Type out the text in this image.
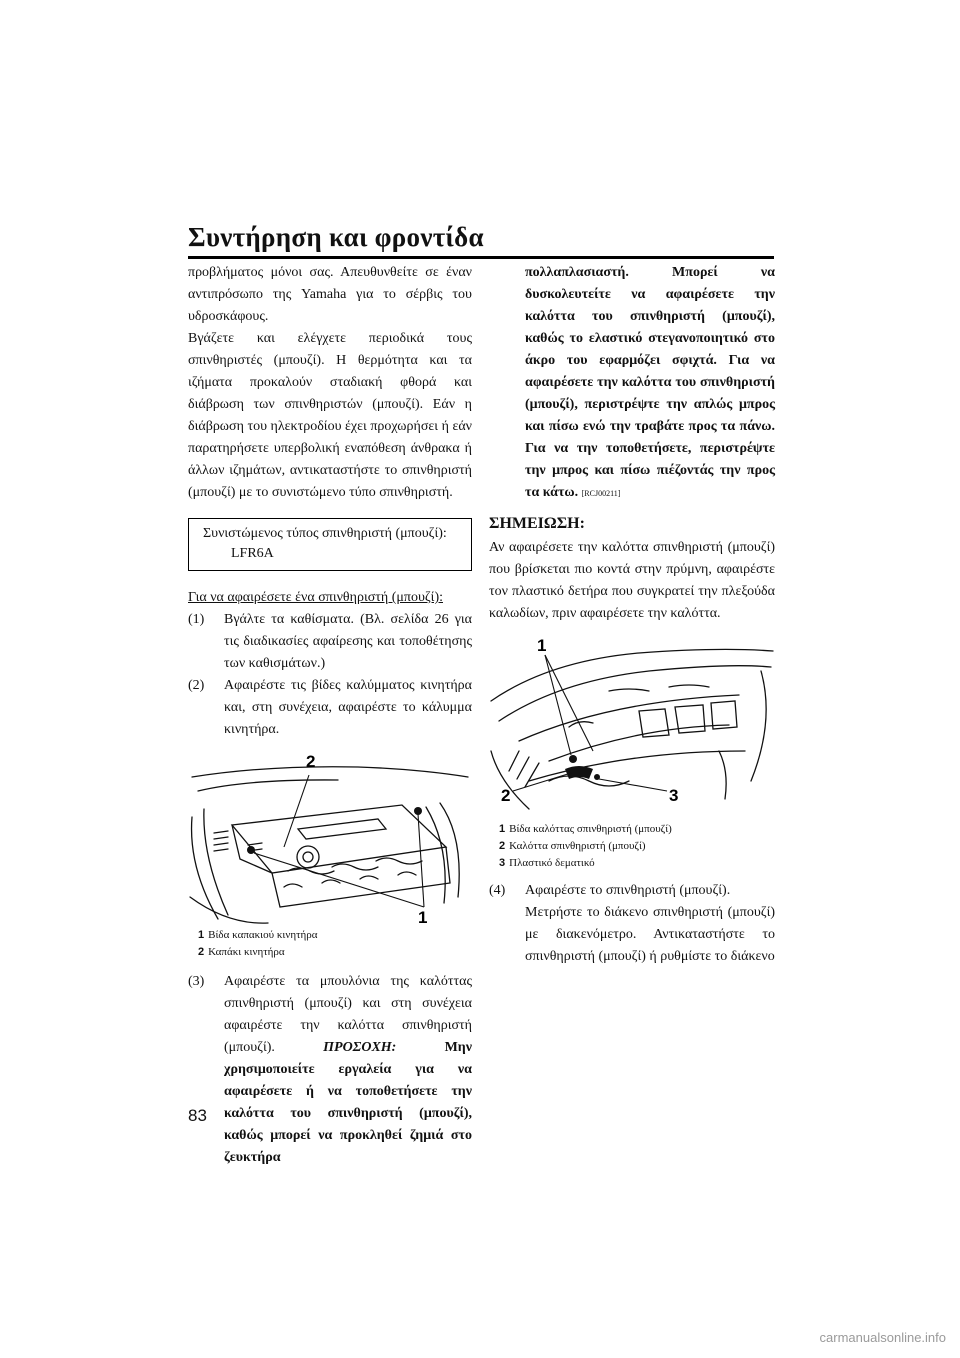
Συντήρηση και φροντίδα

προβλήματος μόνοι σας. Απευθυνθείτε σε έναν αντιπρόσωπο της Yamaha για το σέρβις του υδροσκάφους.

Βγάζετε και ελέγχετε περιοδικά τους σπινθηριστές (μπουζί). Η θερμότητα και τα ιζήματα προκαλούν σταδιακή φθορά και διάβρωση των σπινθηριστών (μπουζί). Εάν η διάβρωση του ηλεκτροδίου έχει προχωρήσει ή εάν παρατηρήσετε υπερβολική εναπόθεση άνθρακα ή άλλων ιζημάτων, αντικαταστήστε το σπινθηριστή (μπουζί) με το συνιστώμενο τύπο σπινθηριστή.

Συνιστώμενος τύπος σπινθηριστή (μπουζί):
LFR6A

Για να αφαιρέσετε ένα σπινθηριστή (μπουζί):

(1)	Βγάλτε τα καθίσματα. (Βλ. σελίδα 26 για τις διαδικασίες αφαίρεσης και τοποθέτησης των καθισμάτων.)
(2)	Αφαιρέστε τις βίδες καλύμματος κινητήρα και, στη συνέχεια, αφαιρέστε το κάλυμμα κινητήρα.
2
1

1 Βίδα καπακιού κινητήρα

2 Καπάκι κινητήρα

(3)	Αφαιρέστε τα μπουλόνια της καλόττας σπινθηριστή (μπουζί) και στη συνέχεια αφαιρέστε την καλόττα σπινθηριστή (μπουζί). ΠΡΟΣΟΧΗ: Μην χρησιμοποιείτε εργαλεία για να αφαιρέσετε ή να τοποθετήσετε την καλόττα του σπινθηριστή (μπουζί), καθώς μπορεί να προκληθεί ζημιά στο ζευκτήρα
πολλαπλασιαστή. Μπορεί να δυσκολευτείτε να αφαιρέσετε την καλόττα του σπινθηριστή (μπουζί), καθώς το ελαστικό στεγανοποιητικό στο άκρο του εφαρμόζει σφιχτά. Για να αφαιρέσετε την καλόττα του σπινθηριστή (μπουζί), περιστρέψτε την απλώς μπρος και πίσω ενώ την τραβάτε προς τα πάνω. Για να την τοποθετήσετε, περιστρέψτε την μπρος και πίσω πιέζοντάς την προς τα κάτω. [RCJ00211]

ΣΗΜΕΙΩΣΗ:

Αν αφαιρέσετε την καλόττα σπινθηριστή (μπουζί) που βρίσκεται πιο κοντά στην πρύμνη, αφαιρέστε τον πλαστικό δετήρα που συγκρατεί την πλεξούδα καλωδίων, πριν αφαιρέσετε την καλόττα.

1
2	3

1 Βίδα καλόττας σπινθηριστή (μπουζί)

2 Καλόττα σπινθηριστή (μπουζί)

3 Πλαστικό δεματικό

(4)	Αφαιρέστε το σπινθηριστή (μπουζί).
Μετρήστε το διάκενο σπινθηριστή (μπουζί) με διακενόμετρο. Αντικαταστήστε το σπινθηριστή (μπουζί) ή ρυθμίστε το διάκενο
83
carmanualsonline.info
